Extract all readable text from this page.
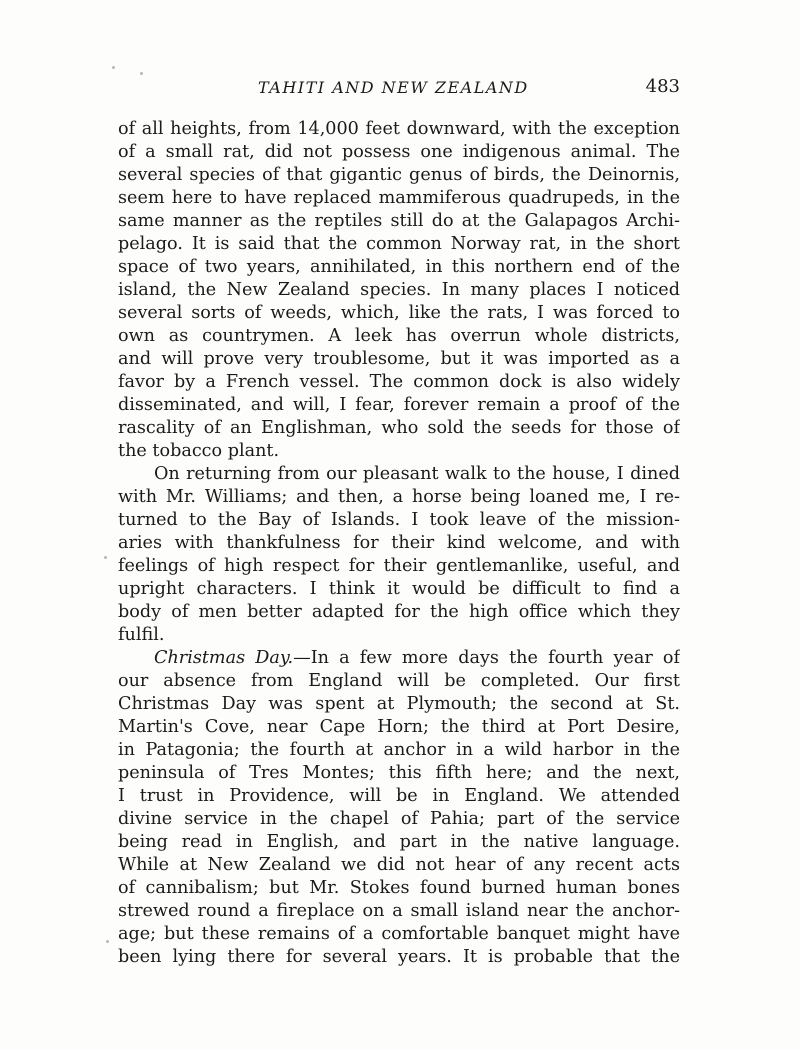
TAHITI AND NEW ZEALAND	483
of all heights, from 14,000 feet downward, with the exception
of a small rat, did not possess one indigenous animal. The
several species of that gigantic genus of birds, the Deinornis,
seem here to have replaced mammiferous quadrupeds, in the
same manner as the reptiles still do at the Galapagos Archi-
pelago. It is said that the common Norway rat, in the short
space of two years, annihilated, in this northern end of the
island, the New Zealand species. In many places I noticed
several sorts of weeds, which, like the rats, I was forced to
own as countrymen. A leek has overrun whole districts,
and will prove very troublesome, but it was imported as a
favor by a French vessel. The common dock is also widely
disseminated, and will, I fear, forever remain a proof of the
rascality of an Englishman, who sold the seeds for those of
the tobacco plant.
On returning from our pleasant walk to the house, I dined
with Mr. Williams; and then, a horse being loaned me, I re-
turned to the Bay of Islands. I took leave of the mission-
aries with thankfulness for their kind welcome, and with
feelings of high respect for their gentlemanlike, useful, and
upright characters. I think it would be difficult to find a
body of men better adapted for the high office which they
fulfil.
Christmas Day.—In a few more days the fourth year of
our absence from England will be completed. Our first
Christmas Day was spent at Plymouth; the second at St.
Martin's Cove, near Cape Horn; the third at Port Desire,
in Patagonia; the fourth at anchor in a wild harbor in the
peninsula of Tres Montes; this fifth here; and the next,
I trust in Providence, will be in England. We attended
divine service in the chapel of Pahia; part of the service
being read in English, and part in the native language.
While at New Zealand we did not hear of any recent acts
of cannibalism; but Mr. Stokes found burned human bones
strewed round a fireplace on a small island near the anchor-
age; but these remains of a comfortable banquet might have
been lying there for several years. It is probable that the
